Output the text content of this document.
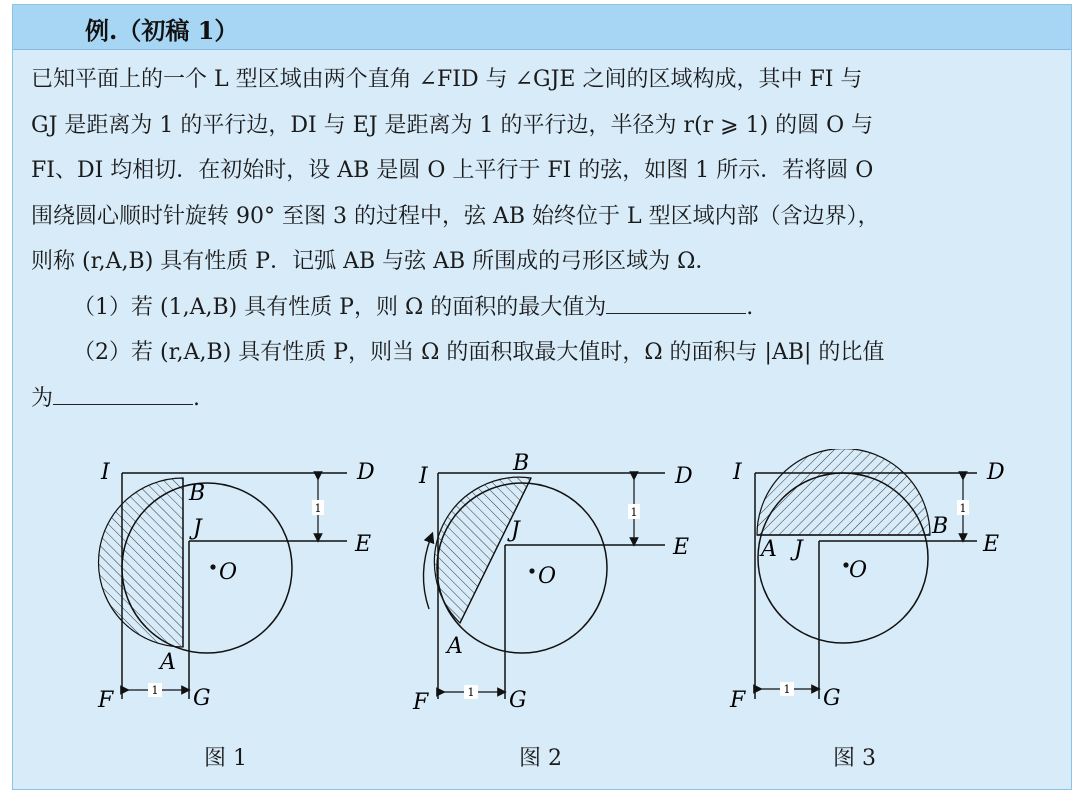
例.（初稿 1）

已知平面上的一个 L 型区域由两个直角 ∠FID 与 ∠GJE 之间的区域构成，其中 FI 与

GJ 是距离为 1 的平行边，DI 与 EJ 是距离为 1 的平行边，半径为 r(r ⩾ 1) 的圆 O 与

FI、DI 均相切．在初始时，设 AB 是圆 O 上平行于 FI 的弦，如图 1 所示．若将圆 O

围绕圆心顺时针旋转 90° 至图 3 的过程中，弦 AB 始终位于 L 型区域内部（含边界），

则称 (r,A,B) 具有性质 P．记弧 AB 与弦 AB 所围成的弓形区域为 Ω．

（1）若 (1,A,B) 具有性质 P，则 Ω 的面积的最大值为	.

（2）若 (r,A,B) 具有性质 P，则当 Ω 的面积取最大值时，Ω 的面积与 |AB| 的比值

为	.

1
1
I	D
E
J
B
A
O
F	G
1
1
I
B
D
E
J
A
O
F	G
1
1
I	D
E
B
A J
O
F	G
图 1	图 2	图 3
